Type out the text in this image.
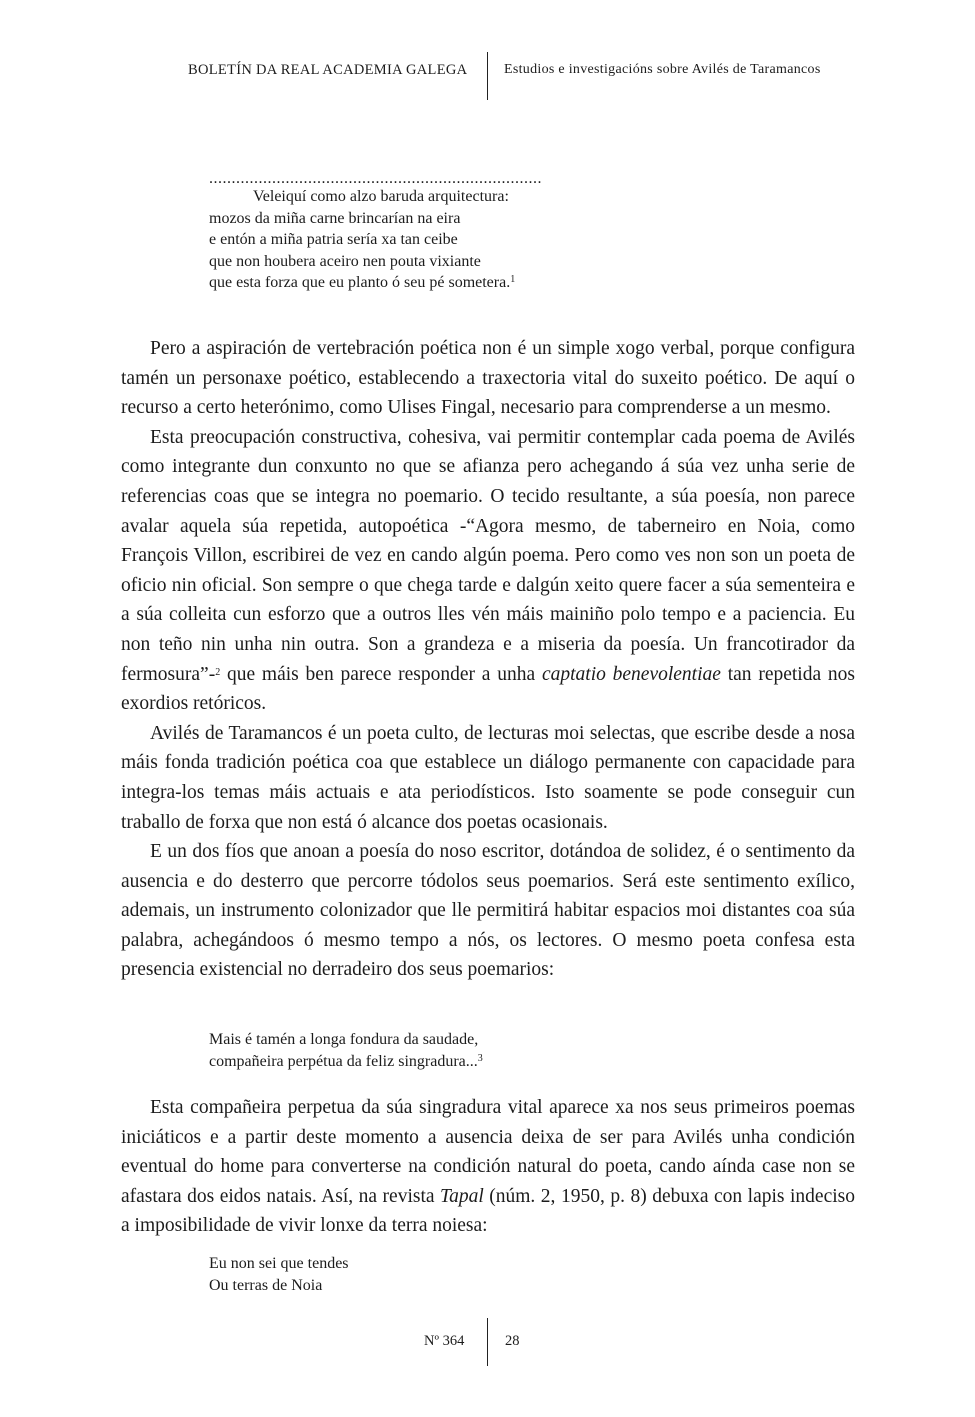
BOLETÍN DA REAL ACADEMIA GALEGA	Estudios e investigacións sobre Avilés de Taramancos
..........................................................................
Veleiquí como alzo baruda arquitectura:
mozos da miña carne brincarían na eira
e entón a miña patria sería xa tan ceibe
que non houbera aceiro nen pouta vixiante
que esta forza que eu planto ó seu pé sometera.$^1$

Pero a aspiración de vertebración poética non é un simple xogo verbal, porque configura tamén un personaxe poético, establecendo a traxectoria vital do suxeito poético. De aquí o recurso a certo heterónimo, como Ulises Fingal, necesario para comprenderse a un mesmo.

Esta preocupación constructiva, cohesiva, vai permitir contemplar cada poema de Avilés como integrante dun conxunto no que se afianza pero achegando á súa vez unha serie de referencias coas que se integra no poemario. O tecido resultante, a súa poesía, non parece avalar aquela súa repetida, autopoética -“Agora mesmo, de taberneiro en Noia, como François Villon, escribirei de vez en cando algún poema. Pero como ves non son un poeta de oficio nin oficial. Son sempre o que chega tarde e dalgún xeito quere facer a súa sementeira e a súa colleita cun esforzo que a outros lles vén máis mainiño polo tempo e a paciencia. Eu non teño nin unha nin outra. Son a grandeza e a miseria da poesía. Un francotirador da fermosura”-$^2$ que máis ben parece responder a unha captatio benevolentiae tan repetida nos exordios retóricos.

Avilés de Taramancos é un poeta culto, de lecturas moi selectas, que escribe desde a nosa máis fonda tradición poética coa que establece un diálogo permanente con capacidade para integra-los temas máis actuais e ata periodísticos. Isto soamente se pode conseguir cun traballo de forxa que non está ó alcance dos poetas ocasionais.

E un dos fíos que anoan a poesía do noso escritor, dotándoa de solidez, é o sentimento da ausencia e do desterro que percorre tódolos seus poemarios. Será este sentimento exílico, ademais, un instrumento colonizador que lle permitirá habitar espacios moi distantes coa súa palabra, achegándoos ó mesmo tempo a nós, os lectores. O mesmo poeta confesa esta presencia existencial no derradeiro dos seus poemarios:

Mais é tamén a longa fondura da saudade,
compañeira perpétua da feliz singradura...$^3$

Esta compañeira perpetua da súa singradura vital aparece xa nos seus primeiros poemas iniciáticos e a partir deste momento a ausencia deixa de ser para Avilés unha condición eventual do home para converterse na condición natural do poeta, cando aínda case non se afastara dos eidos natais. Así, na revista Tapal (núm. 2, 1950, p. 8) debuxa con lapis indeciso a imposibilidade de vivir lonxe da terra noiesa:

Eu non sei que tendes
Ou terras de Noia
Nº 364	28
